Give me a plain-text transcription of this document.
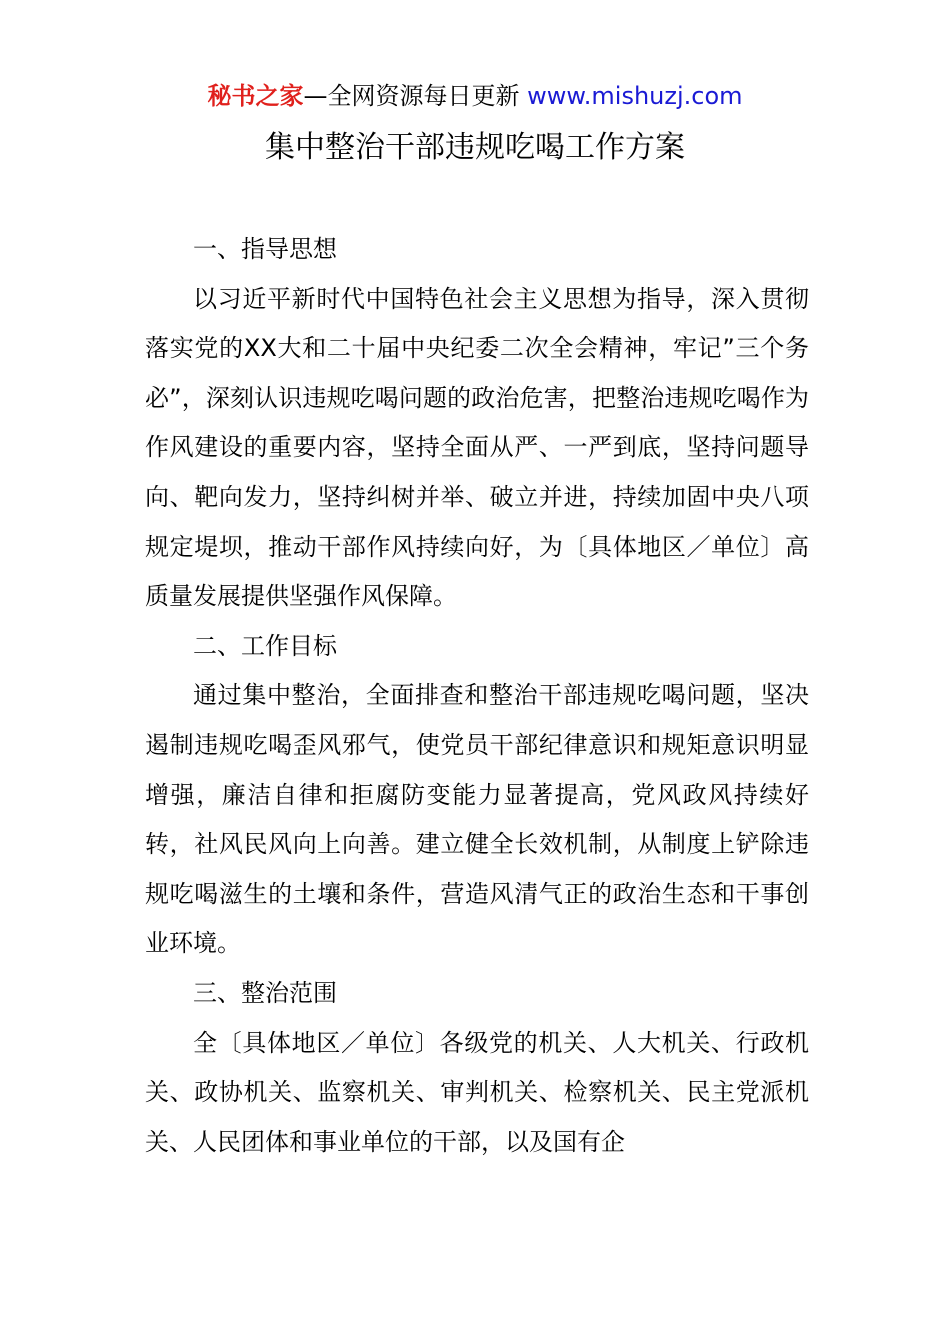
秘书之家—全网资源每日更新 www.mishuzj.com
集中整治干部违规吃喝工作方案

一、指导思想

以习近平新时代中国特色社会主义思想为指导，深入贯彻落实党的XX大和二十届中央纪委二次全会精神，牢记”三个务必”，深刻认识违规吃喝问题的政治危害，把整治违规吃喝作为作风建设的重要内容，坚持全面从严、一严到底，坚持问题导向、靶向发力，坚持纠树并举、破立并进，持续加固中央八项规定堤坝，推动干部作风持续向好，为〔具体地区／单位〕高质量发展提供坚强作风保障。

二、工作目标

通过集中整治，全面排查和整治干部违规吃喝问题，坚决遏制违规吃喝歪风邪气，使党员干部纪律意识和规矩意识明显增强，廉洁自律和拒腐防变能力显著提高，党风政风持续好转，社风民风向上向善。建立健全长效机制，从制度上铲除违规吃喝滋生的土壤和条件，营造风清气正的政治生态和干事创业环境。

三、整治范围

全〔具体地区／单位〕各级党的机关、人大机关、行政机关、政协机关、监察机关、审判机关、检察机关、民主党派机关、人民团体和事业单位的干部，以及国有企
